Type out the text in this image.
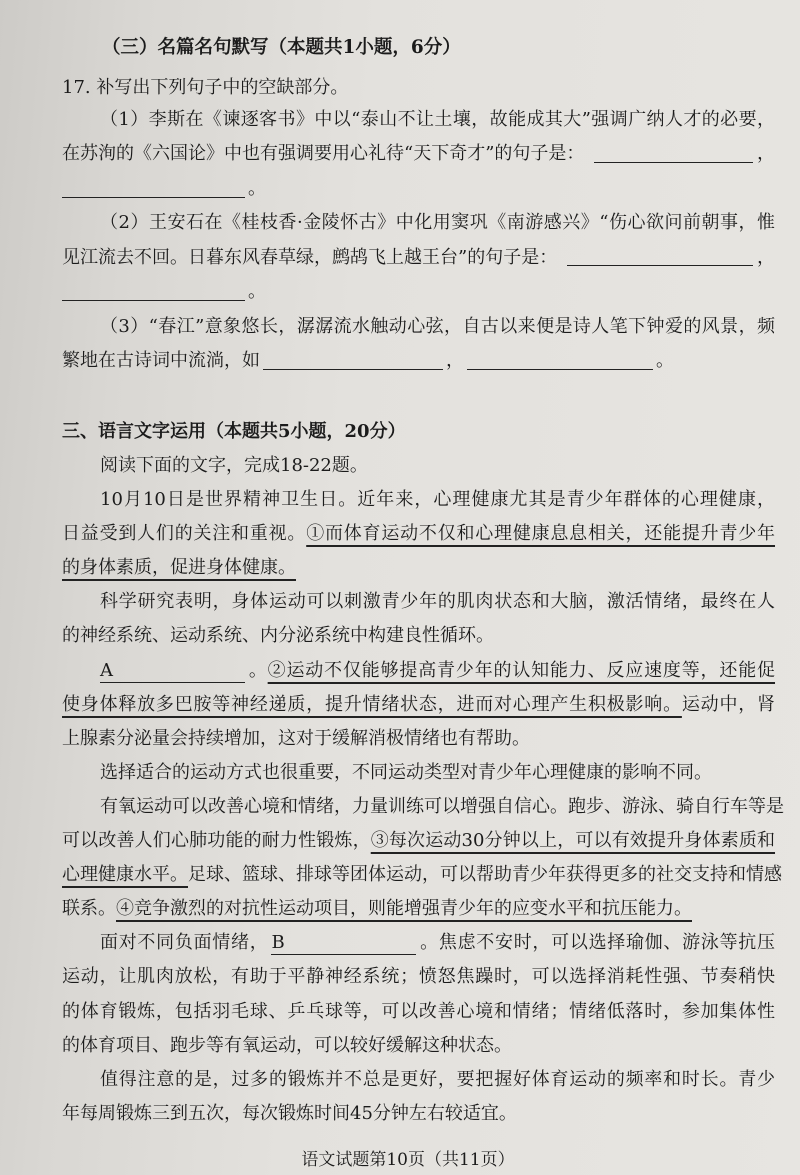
（三）名篇名句默写（本题共1小题，6分）
17. 补写出下列句子中的空缺部分。
（1）李斯在《谏逐客书》中以“泰山不让土壤，故能成其大”强调广纳人才的必要，
在苏洵的《六国论》中也有强调要用心礼待“天下奇才”的句子是：	，
。
（2）王安石在《桂枝香·金陵怀古》中化用窦巩《南游感兴》“伤心欲问前朝事，惟
见江流去不回。日暮东风春草绿，鹧鸪飞上越王台”的句子是：	，
。
（3）“春江”意象悠长，潺潺流水触动心弦，自古以来便是诗人笔下钟爱的风景，频
繁地在古诗词中流淌，如	，	。
三、语言文字运用（本题共5小题，20分）
阅读下面的文字，完成18-22题。
10月10日是世界精神卫生日。近年来，心理健康尤其是青少年群体的心理健康，
日益受到人们的关注和重视。①而体育运动不仅和心理健康息息相关，还能提升青少年
的身体素质，促进身体健康。
科学研究表明，身体运动可以刺激青少年的肌肉状态和大脑，激活情绪，最终在人
的神经系统、运动系统、内分泌系统中构建良性循环。
A	。②运动不仅能够提高青少年的认知能力、反应速度等，还能促
使身体释放多巴胺等神经递质，提升情绪状态，进而对心理产生积极影响。运动中，肾
上腺素分泌量会持续增加，这对于缓解消极情绪也有帮助。
选择适合的运动方式也很重要，不同运动类型对青少年心理健康的影响不同。
有氧运动可以改善心境和情绪，力量训练可以增强自信心。跑步、游泳、骑自行车等是
可以改善人们心肺功能的耐力性锻炼，③每次运动30分钟以上，可以有效提升身体素质和
心理健康水平。足球、篮球、排球等团体运动，可以帮助青少年获得更多的社交支持和情感
联系。④竞争激烈的对抗性运动项目，则能增强青少年的应变水平和抗压能力。
面对不同负面情绪， B	。焦虑不安时，可以选择瑜伽、游泳等抗压
运动，让肌肉放松，有助于平静神经系统；愤怒焦躁时，可以选择消耗性强、节奏稍快
的体育锻炼，包括羽毛球、乒乓球等，可以改善心境和情绪；情绪低落时，参加集体性
的体育项目、跑步等有氧运动，可以较好缓解这种状态。
值得注意的是，过多的锻炼并不总是更好，要把握好体育运动的频率和时长。青少
年每周锻炼三到五次，每次锻炼时间45分钟左右较适宜。
语文试题第10页（共11页）
